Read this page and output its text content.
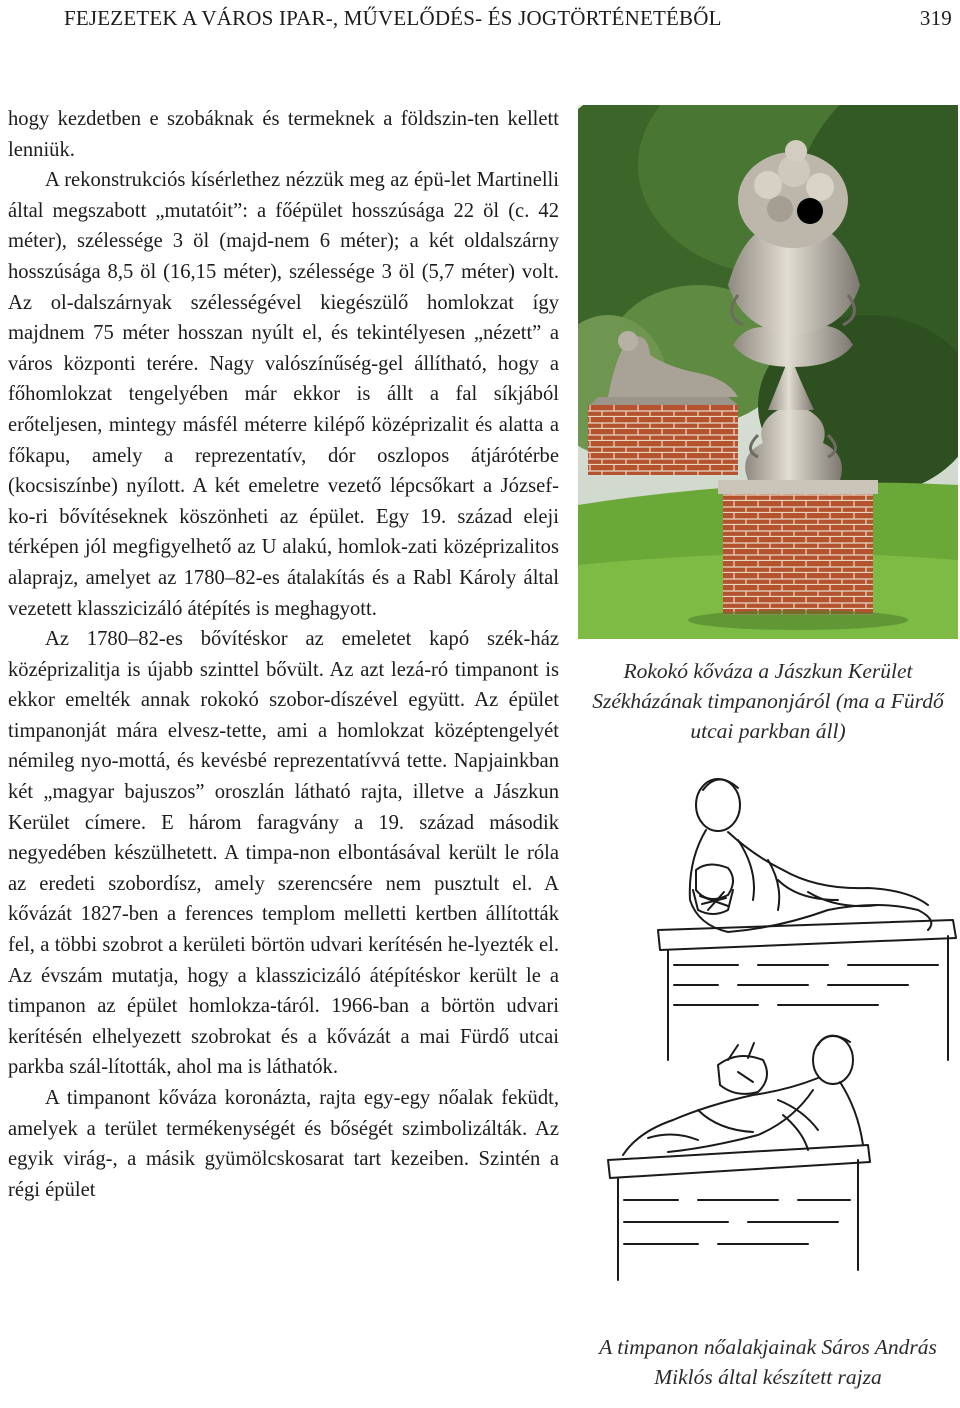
FEJEZETEK A VÁROS IPAR-, MŰVELŐDÉS- ÉS JOGTÖRTÉNETÉBŐL	319

hogy kezdetben e szobáknak és termeknek a földszin-ten kellett lenniük.

A rekonstrukciós kísérlethez nézzük meg az épü-let Martinelli által megszabott „mutatóit”: a főépület hosszúsága 22 öl (c. 42 méter), szélessége 3 öl (majd-nem 6 méter); a két oldalszárny hosszúsága 8,5 öl (16,15 méter), szélessége 3 öl (5,7 méter) volt. Az ol-dalszárnyak szélességével kiegészülő homlokzat így majdnem 75 méter hosszan nyúlt el, és tekintélyesen „nézett” a város központi terére. Nagy valószínűség-gel állítható, hogy a főhomlokzat tengelyében már ekkor is állt a fal síkjából erőteljesen, mintegy másfél méterre kilépő középrizalit és alatta a főkapu, amely a reprezentatív, dór oszlopos átjárótérbe (kocsiszínbe) nyílott. A két emeletre vezető lépcsőkart a József-ko-ri bővítéseknek köszönheti az épület. Egy 19. század eleji térképen jól megfigyelhető az U alakú, homlok-zati középrizalitos alaprajz, amelyet az 1780–82-es átalakítás és a Rabl Károly által vezetett klasszicizáló átépítés is meghagyott.

Az 1780–82-es bővítéskor az emeletet kapó szék-ház középrizalitja is újabb szinttel bővült. Az azt lezá-ró timpanont is ekkor emelték annak rokokó szobor-díszével együtt. Az épület timpanonját mára elvesz-tette, ami a homlokzat középtengelyét némileg nyo-mottá, és kevésbé reprezentatívvá tette. Napjainkban két „magyar bajuszos” oroszlán látható rajta, illetve a Jászkun Kerület címere. E három faragvány a 19. század második negyedében készülhetett. A timpa-non elbontásával került le róla az eredeti szobordísz, amely szerencsére nem pusztult el. A kővázát 1827-ben a ferences templom melletti kertben állították fel, a többi szobrot a kerületi börtön udvari kerítésén he-lyezték el. Az évszám mutatja, hogy a klasszicizáló átépítéskor került le a timpanon az épület homlokza-táról. 1966-ban a börtön udvari kerítésén elhelyezett szobrokat és a kővázát a mai Fürdő utcai parkba szál-lították, ahol ma is láthatók.

A timpanont kőváza koronázta, rajta egy-egy nőalak feküdt, amelyek a terület termékenységét és bőségét szimbolizálták. Az egyik virág-, a másik gyümölcskosarat tart kezeiben. Szintén a régi épület

Rokokó kőváza a Jászkun Kerület Székházának timpanonjáról (ma a Fürdő utcai parkban áll)
A timpanon nőalakjainak Sáros András Miklós által készített rajza
